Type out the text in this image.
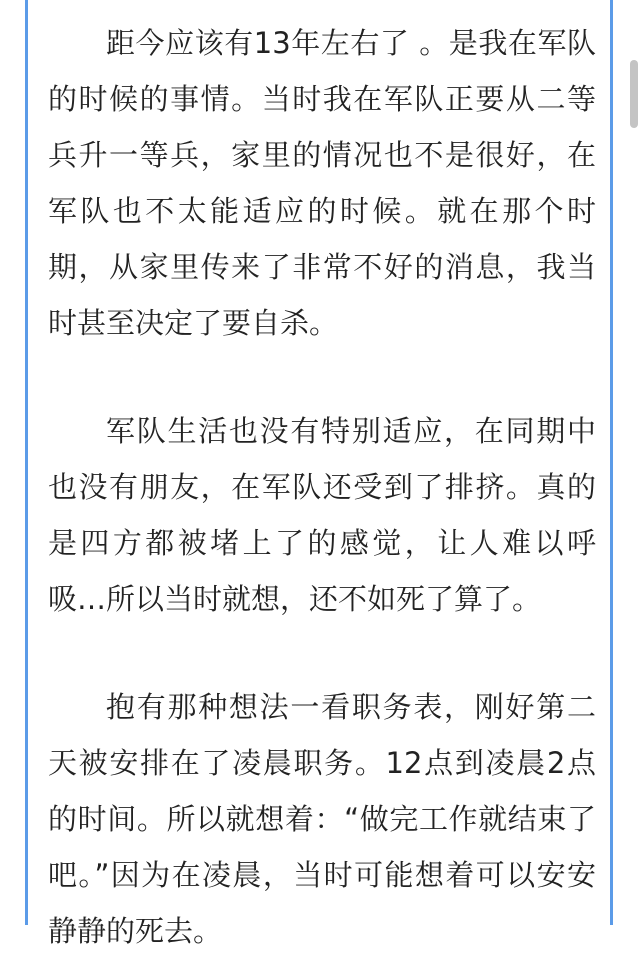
距今应该有13年左右了 。是我在军队的时候的事情。当时我在军队正要从二等兵升一等兵，家里的情况也不是很好，在军队也不太能适应的时候。就在那个时期，从家里传来了非常不好的消息，我当时甚至决定了要自杀。

军队生活也没有特别适应，在同期中也没有朋友，在军队还受到了排挤。真的是四方都被堵上了的感觉，让人难以呼吸…所以当时就想，还不如死了算了。

抱有那种想法一看职务表，刚好第二天被安排在了凌晨职务。12点到凌晨2点的时间。所以就想着：“做完工作就结束了吧。”因为在凌晨，当时可能想着可以安安静静的死去。
